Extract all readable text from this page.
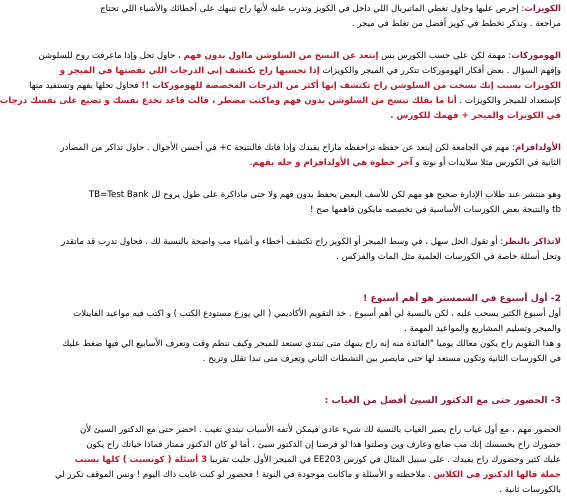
الكويزات: إحرص عليها وحاول تغطي الماتيريال اللي داخل في الكويز وتدرب عليه لأنها راح تنبهك على أخطائك والأشياء اللي تحتاج
مراجعة . وتذكر تخطط في كويز أفضل من تغلط في ميجر .

الهوموركات: مهمة لكن على حسب الكورس بس إبتعد عن النسخ من السلوشن مااول بدون فهم ، حاول تحل وإذا ماعرفت روح للسلوشن
وإفهم السؤال . بعض أفكار الهوموركات تتكرر في الميجر والكويزات إذا تحسبها راح تكتشف إني الدرجات اللي تقصتها في الميجر و
الكويزات بسبب إنك نسخت من السلوشن راح تكتشف إنها أكثر من الدرجات المخصصة للهوموركات !! فحاول تحلها بفهم وتستفيد منها
كإستعداد للميجر والكويزات . أنا ما بقلك تنسخ من السلوشن بدون فهم وماكنت مضطر ، قالت قاعد تخدع نفسك و تضيع على نفسك درجات
في الكويزات والميجر + فهمك للكورس .

الأولدافزام: مهم في الجامعة لكن إبتعد عن حفظه تراحفظه ماراح يفيدك وإذا فاتك فالنتيجة c+ في أحسن الأحوال . حاول تذاكر من المصادر
الثانية في الكورس مثلا سلايدات أو نوتة و آخر خطوة هي الأولدافزام و حله بفهم.

وهو منتشر عند طلاب الإدارة صحيح هو مهم لكن للأسف البعض يحفظ بدون فهم ولا حتى ماذاكرة على طول يروح لل TB=Test Bank
tb والنتيجة بعض الكورسات الأساسية في تخصصه مايكون فاهمها صح !

لاتذاكر بالنظر: أو تقول الحل سهل ، في وسط الميجر أو الكويز راح تكتشف أخطاء و أشياء مب واضحة بالنسبة لك . فحاول تدرب قد ماتقدر
وتحل أسئلة خاصة في الكورسات العلمية مثل المات والفزكس .

2- أول أسبوع في السمستر هو أهم أسبوع !
أول أسبوع الكثير يسحب عليه ، لكن بالنسبة لي أهم أسبوع . خذ التقويم الأكاديمي ( الي يوزع مستودع الكتب ) و اكتب فيه مواعيد الفاينلات
والميجر وتسليم المشاريع والمواعيد المهمة .
و هذا التقويم راح يكون معالك يوميا "الفائدة منه إنه راح ينبهك متى تبتدي تستعد للميجر وكيف تنظم وقت وتعرف الأسابيع الي فيها ضغط عليك
في الكورسات الثانية وتكون مستعد لها حتى مايصير بين التشطات الثاني وتعرف متى تبدا تقلل وتريح .

3- الحضور حتى مع الدكتور السيئ أفضل من الغياب :
الحضور مهم ، مع أول غياب راح يصير الغياب بالنسبة لك شيء عادي فيمكن لأتفه الأسباب تبتدي تغيب . احضر حتى مع الدكتور السيئ لأن
حضورك راح يحسسك إنك مب ضايع وعارف وين وصلتوا هذا لو فرضنا إن الدكتور سيئ . أما لو كان الدكتور ممتاز فماذا خياتك راح يكون
عليك كثير وحضورك راح يفيدك . على سبيل المثال في كورس EE203 في الميجر الأول حليت تقريبا 3 أسئلة ( كونسبت ) كلها بسبب
جملة قالها الدكتور في الكلاس . ملاحظته و الأسئلة و ماكانت موجودة في النوتة ! فحضور لو كنت غايب ذاك اليوم ! ونس الموقف تكرر لي
بالكورسات ثانية .
